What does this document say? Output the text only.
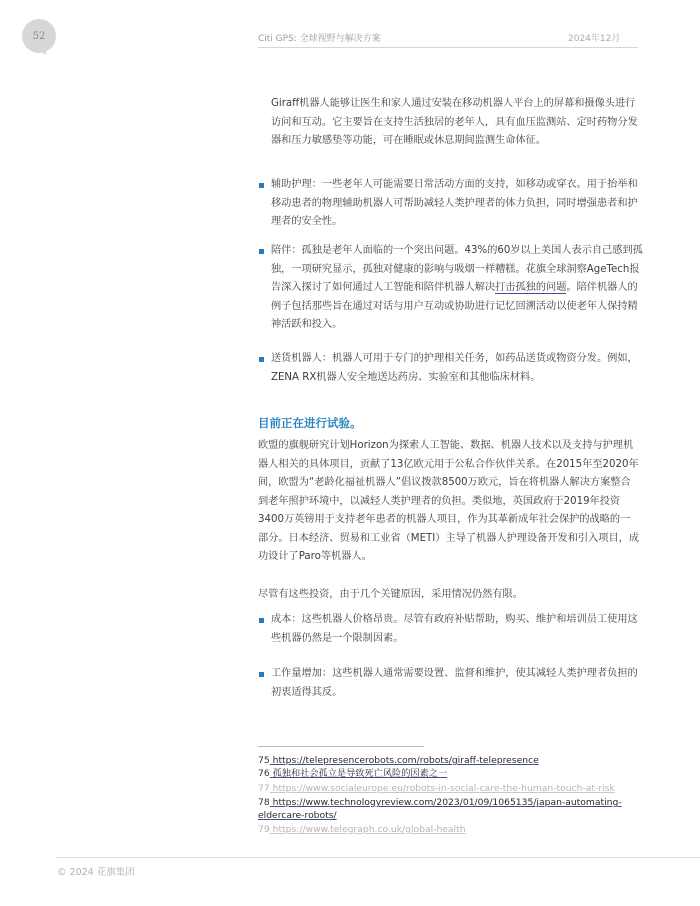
52	Citi GPS: 全球视野与解决方案	2024年12月

Giraff机器人能够让医生和家人通过安装在移动机器人平台上的屏幕和摄像头进行访问和互动。它主要旨在支持生活独居的老年人，具有血压监测站、定时药物分发器和压力敏感垫等功能，可在睡眠或休息期间监测生命体征。

辅助护理：一些老年人可能需要日常活动方面的支持，如移动或穿衣。用于抬举和移动患者的物理辅助机器人可帮助减轻人类护理者的体力负担，同时增强患者和护理者的安全性。

陪伴：孤独是老年人面临的一个突出问题。43%的60岁以上美国人表示自己感到孤独，一项研究显示，孤独对健康的影响与吸烟一样糟糕。花旗全球洞察AgeTech报告深入探讨了如何通过人工智能和陪伴机器人解决打击孤独的问题。陪伴机器人的例子包括那些旨在通过对话与用户互动或协助进行记忆回溯活动以使老年人保持精神活跃和投入。

送货机器人：机器人可用于专门的护理相关任务，如药品送货或物资分发。例如，ZENA RX机器人安全地送达药房、实验室和其他临床材料。

目前正在进行试验。

欧盟的旗舰研究计划Horizon为探索人工智能、数据、机器人技术以及支持与护理机器人相关的具体项目，贡献了13亿欧元用于公私合作伙伴关系。在2015年至2020年间，欧盟为“老龄化福祉机器人”倡议拨款8500万欧元，旨在将机器人解决方案整合到老年照护环境中，以减轻人类护理者的负担。类似地，英国政府于2019年投资3400万英镑用于支持老年患者的机器人项目，作为其革新成年社会保护的战略的一部分。日本经济、贸易和工业省（METI）主导了机器人护理设备开发和引入项目，成功设计了Paro等机器人。

尽管有这些投资，由于几个关键原因，采用情况仍然有限。

成本：这些机器人价格昂贵。尽管有政府补贴帮助，购买、维护和培训员工使用这些机器仍然是一个限制因素。

工作量增加：这些机器人通常需要设置、监督和维护，使其减轻人类护理者负担的初衷适得其反。

75 https://telepresencerobots.com/robots/giraff-telepresence

76 孤独和社会孤立是导致死亡风险的因素之一

77 https://www.socialeurope.eu/robots-in-social-care-the-human-touch-at-risk

78 https://www.technologyreview.com/2023/01/09/1065135/japan-automating-eldercare-robots/

79 https://www.telegraph.co.uk/global-health

© 2024 花旗集团
